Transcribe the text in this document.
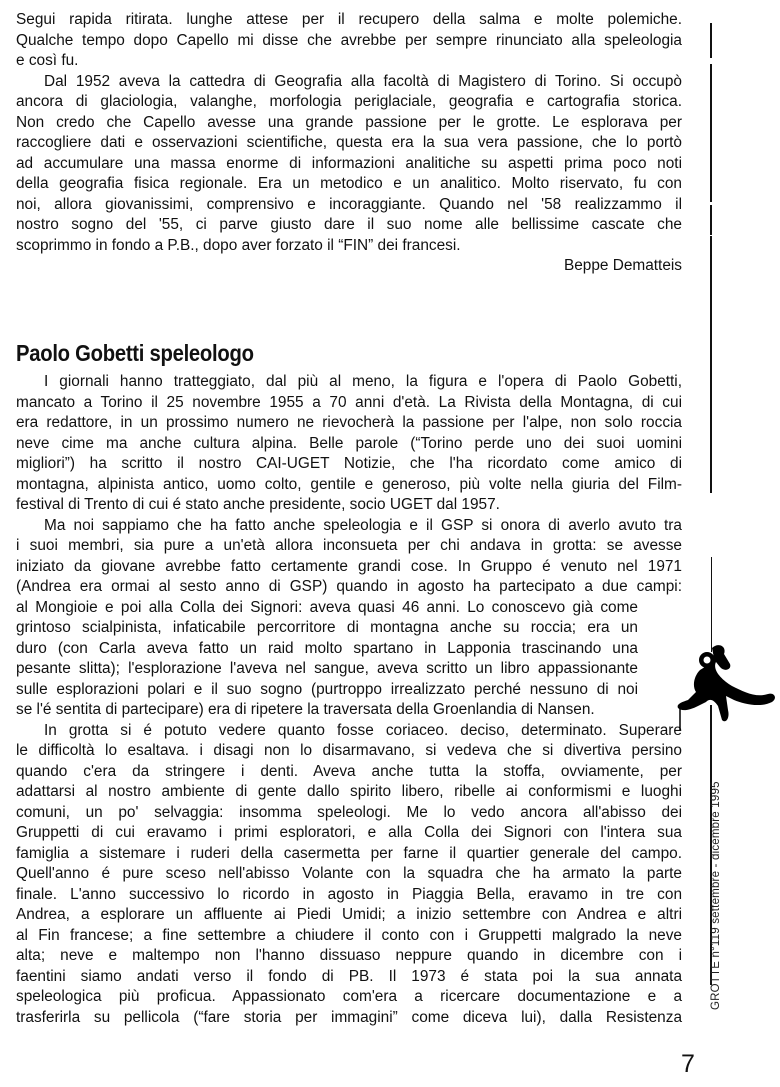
Segui rapida ritirata. lunghe attese per il recupero della salma e molte polemiche.
Qualche tempo dopo Capello mi disse che avrebbe per sempre rinunciato alla speleologia
e così fu.
Dal 1952 aveva la cattedra di Geografia alla facoltà di Magistero di Torino. Si occupò
ancora di glaciologia, valanghe, morfologia periglaciale, geografia e cartografia storica.
Non credo che Capello avesse una grande passione per le grotte. Le esplorava per
raccogliere dati e osservazioni scientifiche, questa era la sua vera passione, che lo portò
ad accumulare una massa enorme di informazioni analitiche su aspetti prima poco noti
della geografia fisica regionale. Era un metodico e un analitico. Molto riservato, fu con
noi, allora giovanissimi, comprensivo e incoraggiante. Quando nel '58 realizzammo il
nostro sogno del '55, ci parve giusto dare il suo nome alle bellissime cascate che
scoprimmo in fondo a P.B., dopo aver forzato il “FIN” dei francesi.
Beppe Dematteis
Paolo Gobetti speleologo
I giornali hanno tratteggiato, dal più al meno, la figura e l'opera di Paolo Gobetti,
mancato a Torino il 25 novembre 1955 a 70 anni d'età. La Rivista della Montagna, di cui
era redattore, in un prossimo numero ne rievocherà la passione per l'alpe, non solo roccia
neve cime ma anche cultura alpina. Belle parole (“Torino perde uno dei suoi uomini
migliori”) ha scritto il nostro CAI-UGET Notizie, che l'ha ricordato come amico di
montagna, alpinista antico, uomo colto, gentile e generoso, più volte nella giuria del Film-
festival di Trento di cui é stato anche presidente, socio UGET dal 1957.
Ma noi sappiamo che ha fatto anche speleologia e il GSP si onora di averlo avuto tra
i suoi membri, sia pure a un'età allora inconsueta per chi andava in grotta: se avesse
iniziato da giovane avrebbe fatto certamente grandi cose. In Gruppo é venuto nel 1971
(Andrea era ormai al sesto anno di GSP) quando in agosto ha partecipato a due campi:
al Mongioie e poi alla Colla dei Signori: aveva quasi 46 anni. Lo conoscevo già come
grintoso scialpinista, infaticabile percorritore di montagna anche su roccia; era un
duro (con Carla aveva fatto un raid molto spartano in Lapponia trascinando una
pesante slitta); l'esplorazione l'aveva nel sangue, aveva scritto un libro appassionante
sulle esplorazioni polari e il suo sogno (purtroppo irrealizzato perché nessuno di noi
se l'é sentita di partecipare) era di ripetere la traversata della Groenlandia di Nansen.
In grotta si é potuto vedere quanto fosse coriaceo. deciso, determinato. Superare
le difficoltà lo esaltava. i disagi non lo disarmavano, si vedeva che si divertiva persino
quando c'era da stringere i denti. Aveva anche tutta la stoffa, ovviamente, per
adattarsi al nostro ambiente di gente dallo spirito libero, ribelle ai conformismi e luoghi
comuni, un po' selvaggia: insomma speleologi. Me lo vedo ancora all'abisso dei
Gruppetti di cui eravamo i primi esploratori, e alla Colla dei Signori con l'intera sua
famiglia a sistemare i ruderi della casermetta per farne il quartier generale del campo.
Quell'anno é pure sceso nell'abisso Volante con la squadra che ha armato la parte
finale. L'anno successivo lo ricordo in agosto in Piaggia Bella, eravamo in tre con
Andrea, a esplorare un affluente ai Piedi Umidi; a inizio settembre con Andrea e altri
al Fin francese; a fine settembre a chiudere il conto con i Gruppetti malgrado la neve
alta; neve e maltempo non l'hanno dissuaso neppure quando in dicembre con i
faentini siamo andati verso il fondo di PB. Il 1973 é stata poi la sua annata
speleologica più proficua. Appassionato com'era a ricercare documentazione e a
trasferirla su pellicola (“fare storia per immagini” come diceva lui), dalla Resistenza
GROTTE n°119 settembre - dicembre 1995
7
